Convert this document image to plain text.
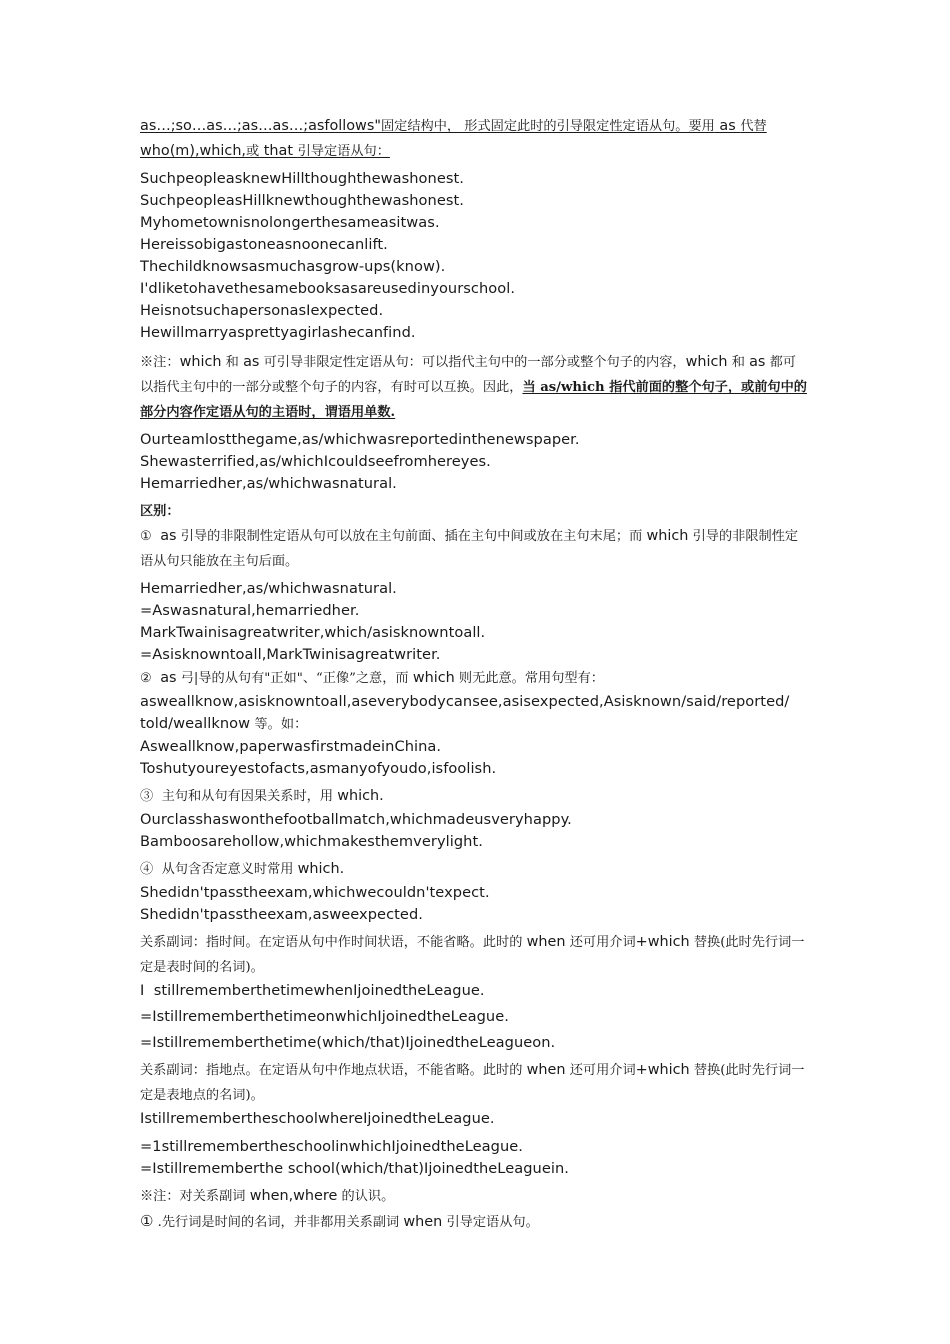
as…;so…as…;as…as…;asfollows"固定结构中， 形式固定此时的引导限定性定语从句。要用 as 代替
who(m),which,或 that 引导定语从句：
SuchpeopleasknewHillthoughthewashonest.
SuchpeopleasHillknewthoughthewashonest.
Myhometownisnolongerthesameasitwas.
Hereissobigastoneasnoonecanlift.
Thechildknowsasmuchasgrow-ups(know).
I'dliketohavethesamebooksasareusedinyourschool.
HeisnotsuchapersonasIexpected.
Hewillmarryasprettyagirlashecanfind.
※注：which 和 as 可引导非限定性定语从句：可以指代主句中的一部分或整个句子的内容，which 和 as 都可以指代主句中的一部分或整个句子的内容，有时可以互换。因此，当 as/which 指代前面的整个句子，或前句中的部分内容作定语从句的主语时，谓语用单数.
Ourteamlostthegame,as/whichwasreportedinthenewspaper.
Shewasterrified,as/whichIcouldseefromhereyes.
Hemarriedher,as/whichwasnatural.
区别：
① as 引导的非限制性定语从句可以放在主句前面、插在主句中间或放在主句末尾；而 which 引导的非限制性定语从句只能放在主句后面。
Hemarriedher,as/whichwasnatural.
=Aswasnatural,hemarriedher.
MarkTwainisagreatwriter,which/asisknowntoall.
=Asisknowntoall,MarkTwinisagreatwriter.
② as 弓|导的从句有"正如"、“正像”之意，而 which 则无此意。常用句型有：
asweallknow,asisknowntoall,aseverybodycansee,asisexpected,Asisknown/said/reported/
told/weallknow 等。如：
Asweallknow,paperwasfirstmadeinChina.
Toshutyoureyestofacts,asmanyofyoudo,isfoolish.
③ 主句和从句有因果关系时，用 which.
Ourclasshaswonthefootballmatch,whichmadeusveryhappy.
Bamboosarehollow,whichmakesthemverylight.
④ 从句含否定意义时常用 which.
Shedidn'tpasstheexam,whichwecouldn'texpect.
Shedidn'tpasstheexam,asweexpected.
关系副词：指时间。在定语从句中作时间状语，不能省略。此时的 when 还可用介词+which 替换(此时先行词一定是表时间的名词)。
I  stillrememberthetimewhenIjoinedtheLeague.
=IstillrememberthetimeonwhichIjoinedtheLeague.
=Istillrememberthetime(which/that)IjoinedtheLeagueon.
关系副词：指地点。在定语从句中作地点状语，不能省略。此时的 when 还可用介词+which 替换(此时先行词一定是表地点的名词)。
IstillremembertheschoolwhereIjoinedtheLeague.
=1stillremembertheschoolinwhichIjoinedtheLeague.
=Istillrememberthe school(which/that)IjoinedtheLeaguein.
※注：对关系副词 when,where 的认识。
① .先行词是时间的名词，并非都用关系副词 when 引导定语从句。
